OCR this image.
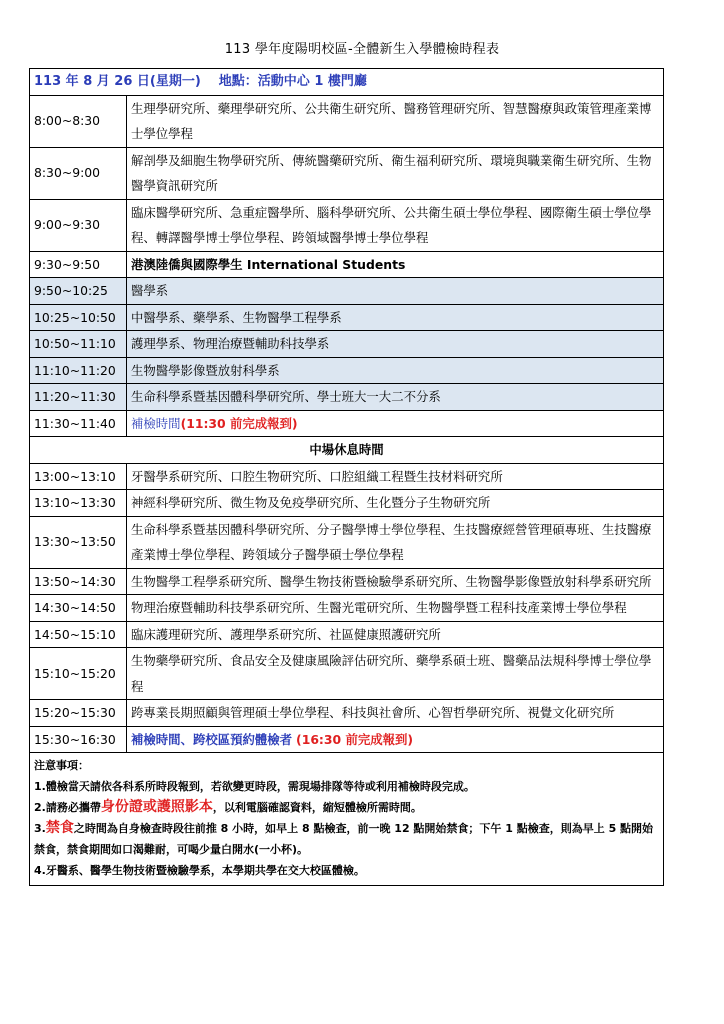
113 學年度陽明校區-全體新生入學體檢時程表
113 年 8 月 26 日(星期一) 地點：活動中心 1 樓門廳	
8:00~8:30	生理學研究所、藥理學研究所、公共衛生研究所、醫務管理研究所、智慧醫療與政策管理產業博士學位學程
8:30~9:00	解剖學及細胞生物學研究所、傳統醫藥研究所、衛生福利研究所、環境與職業衛生研究所、生物醫學資訊研究所
9:00~9:30	臨床醫學研究所、急重症醫學所、腦科學研究所、公共衛生碩士學位學程、國際衛生碩士學位學程、轉譯醫學博士學位學程、跨領域醫學博士學位學程
9:30~9:50	港澳陸僑與國際學生 International Students
9:50~10:25	醫學系
10:25~10:50	中醫學系、藥學系、生物醫學工程學系
10:50~11:10	護理學系、物理治療暨輔助科技學系
11:10~11:20	生物醫學影像暨放射科學系
11:20~11:30	生命科學系暨基因體科學研究所、學士班大一大二不分系
11:30~11:40	補檢時間(11:30 前完成報到)
中場休息時間	
13:00~13:10	牙醫學系研究所、口腔生物研究所、口腔組織工程暨生技材料研究所
13:10~13:30	神經科學研究所、微生物及免疫學研究所、生化暨分子生物研究所
13:30~13:50	生命科學系暨基因體科學研究所、分子醫學博士學位學程、生技醫療經營管理碩專班、生技醫療產業博士學位學程、跨領域分子醫學碩士學位學程
13:50~14:30	生物醫學工程學系研究所、醫學生物技術暨檢驗學系研究所、生物醫學影像暨放射科學系研究所
14:30~14:50	物理治療暨輔助科技學系研究所、生醫光電研究所、生物醫學暨工程科技產業博士學位學程
14:50~15:10	臨床護理研究所、護理學系研究所、社區健康照護研究所
15:10~15:20	生物藥學研究所、食品安全及健康風險評估研究所、藥學系碩士班、醫藥品法規科學博士學位學程
15:20~15:30	跨專業長期照顧與管理碩士學位學程、科技與社會所、心智哲學研究所、視覺文化研究所
15:30~16:30	補檢時間、跨校區預約體檢者 (16:30 前完成報到)

注意事項：
1.體檢當天請依各科系所時段報到，若欲變更時段，需現場排隊等待或利用補檢時段完成。
2.請務必攜帶身份證或護照影本，以利電腦確認資料，縮短體檢所需時間。
3.禁食之時間為自身檢查時段往前推 8 小時，如早上 8 點檢查，前一晚 12 點開始禁食；下午 1 點檢查，則為早上 5 點開始禁食，禁食期間如口渴難耐，可喝少量白開水(一小杯)。
4.牙醫系、醫學生物技術暨檢驗學系，本學期共學在交大校區體檢。	
